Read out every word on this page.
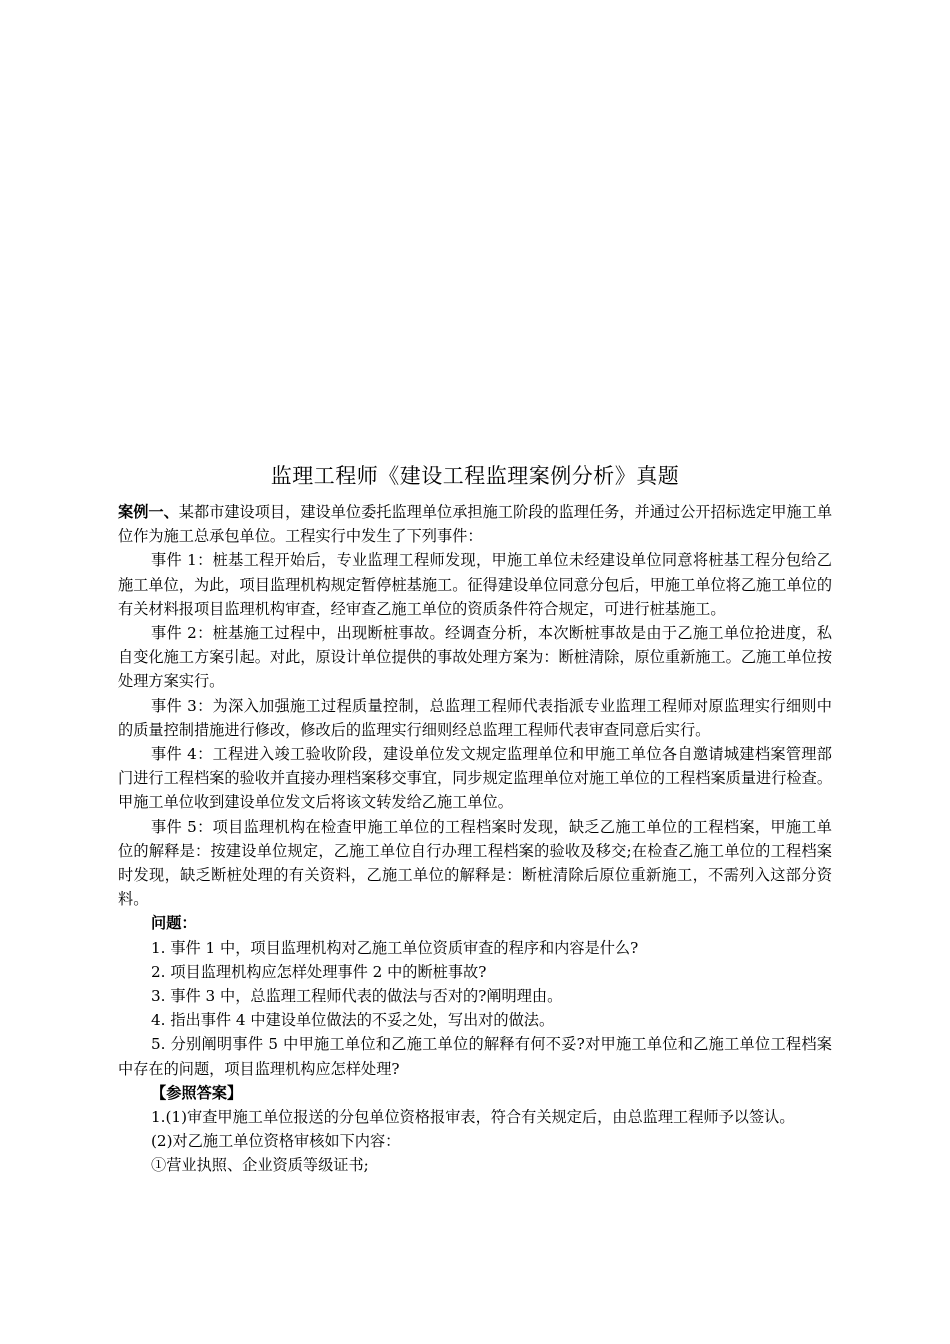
监理工程师《建设工程监理案例分析》真题

案例一、某都市建设项目，建设单位委托监理单位承担施工阶段的监理任务，并通过公开招标选定甲施工单位作为施工总承包单位。工程实行中发生了下列事件：

事件 1：桩基工程开始后，专业监理工程师发现，甲施工单位未经建设单位同意将桩基工程分包给乙施工单位，为此，项目监理机构规定暂停桩基施工。征得建设单位同意分包后，甲施工单位将乙施工单位的有关材料报项目监理机构审查，经审查乙施工单位的资质条件符合规定，可进行桩基施工。

事件 2：桩基施工过程中，出现断桩事故。经调查分析，本次断桩事故是由于乙施工单位抢进度，私自变化施工方案引起。对此，原设计单位提供的事故处理方案为：断桩清除，原位重新施工。乙施工单位按处理方案实行。

事件 3：为深入加强施工过程质量控制，总监理工程师代表指派专业监理工程师对原监理实行细则中的质量控制措施进行修改，修改后的监理实行细则经总监理工程师代表审查同意后实行。

事件 4：工程进入竣工验收阶段，建设单位发文规定监理单位和甲施工单位各自邀请城建档案管理部门进行工程档案的验收并直接办理档案移交事宜，同步规定监理单位对施工单位的工程档案质量进行检查。甲施工单位收到建设单位发文后将该文转发给乙施工单位。

事件 5：项目监理机构在检查甲施工单位的工程档案时发现，缺乏乙施工单位的工程档案，甲施工单位的解释是：按建设单位规定，乙施工单位自行办理工程档案的验收及移交;在检查乙施工单位的工程档案时发现，缺乏断桩处理的有关资料，乙施工单位的解释是：断桩清除后原位重新施工，不需列入这部分资料。

问题：

1. 事件 1 中，项目监理机构对乙施工单位资质审查的程序和内容是什么?

2. 项目监理机构应怎样处理事件 2 中的断桩事故?

3. 事件 3 中，总监理工程师代表的做法与否对的?阐明理由。

4. 指出事件 4 中建设单位做法的不妥之处，写出对的做法。

5. 分别阐明事件 5 中甲施工单位和乙施工单位的解释有何不妥?对甲施工单位和乙施工单位工程档案中存在的问题，项目监理机构应怎样处理?

【参照答案】

1.(1)审查甲施工单位报送的分包单位资格报审表，符合有关规定后，由总监理工程师予以签认。

(2)对乙施工单位资格审核如下内容：

①营业执照、企业资质等级证书;
